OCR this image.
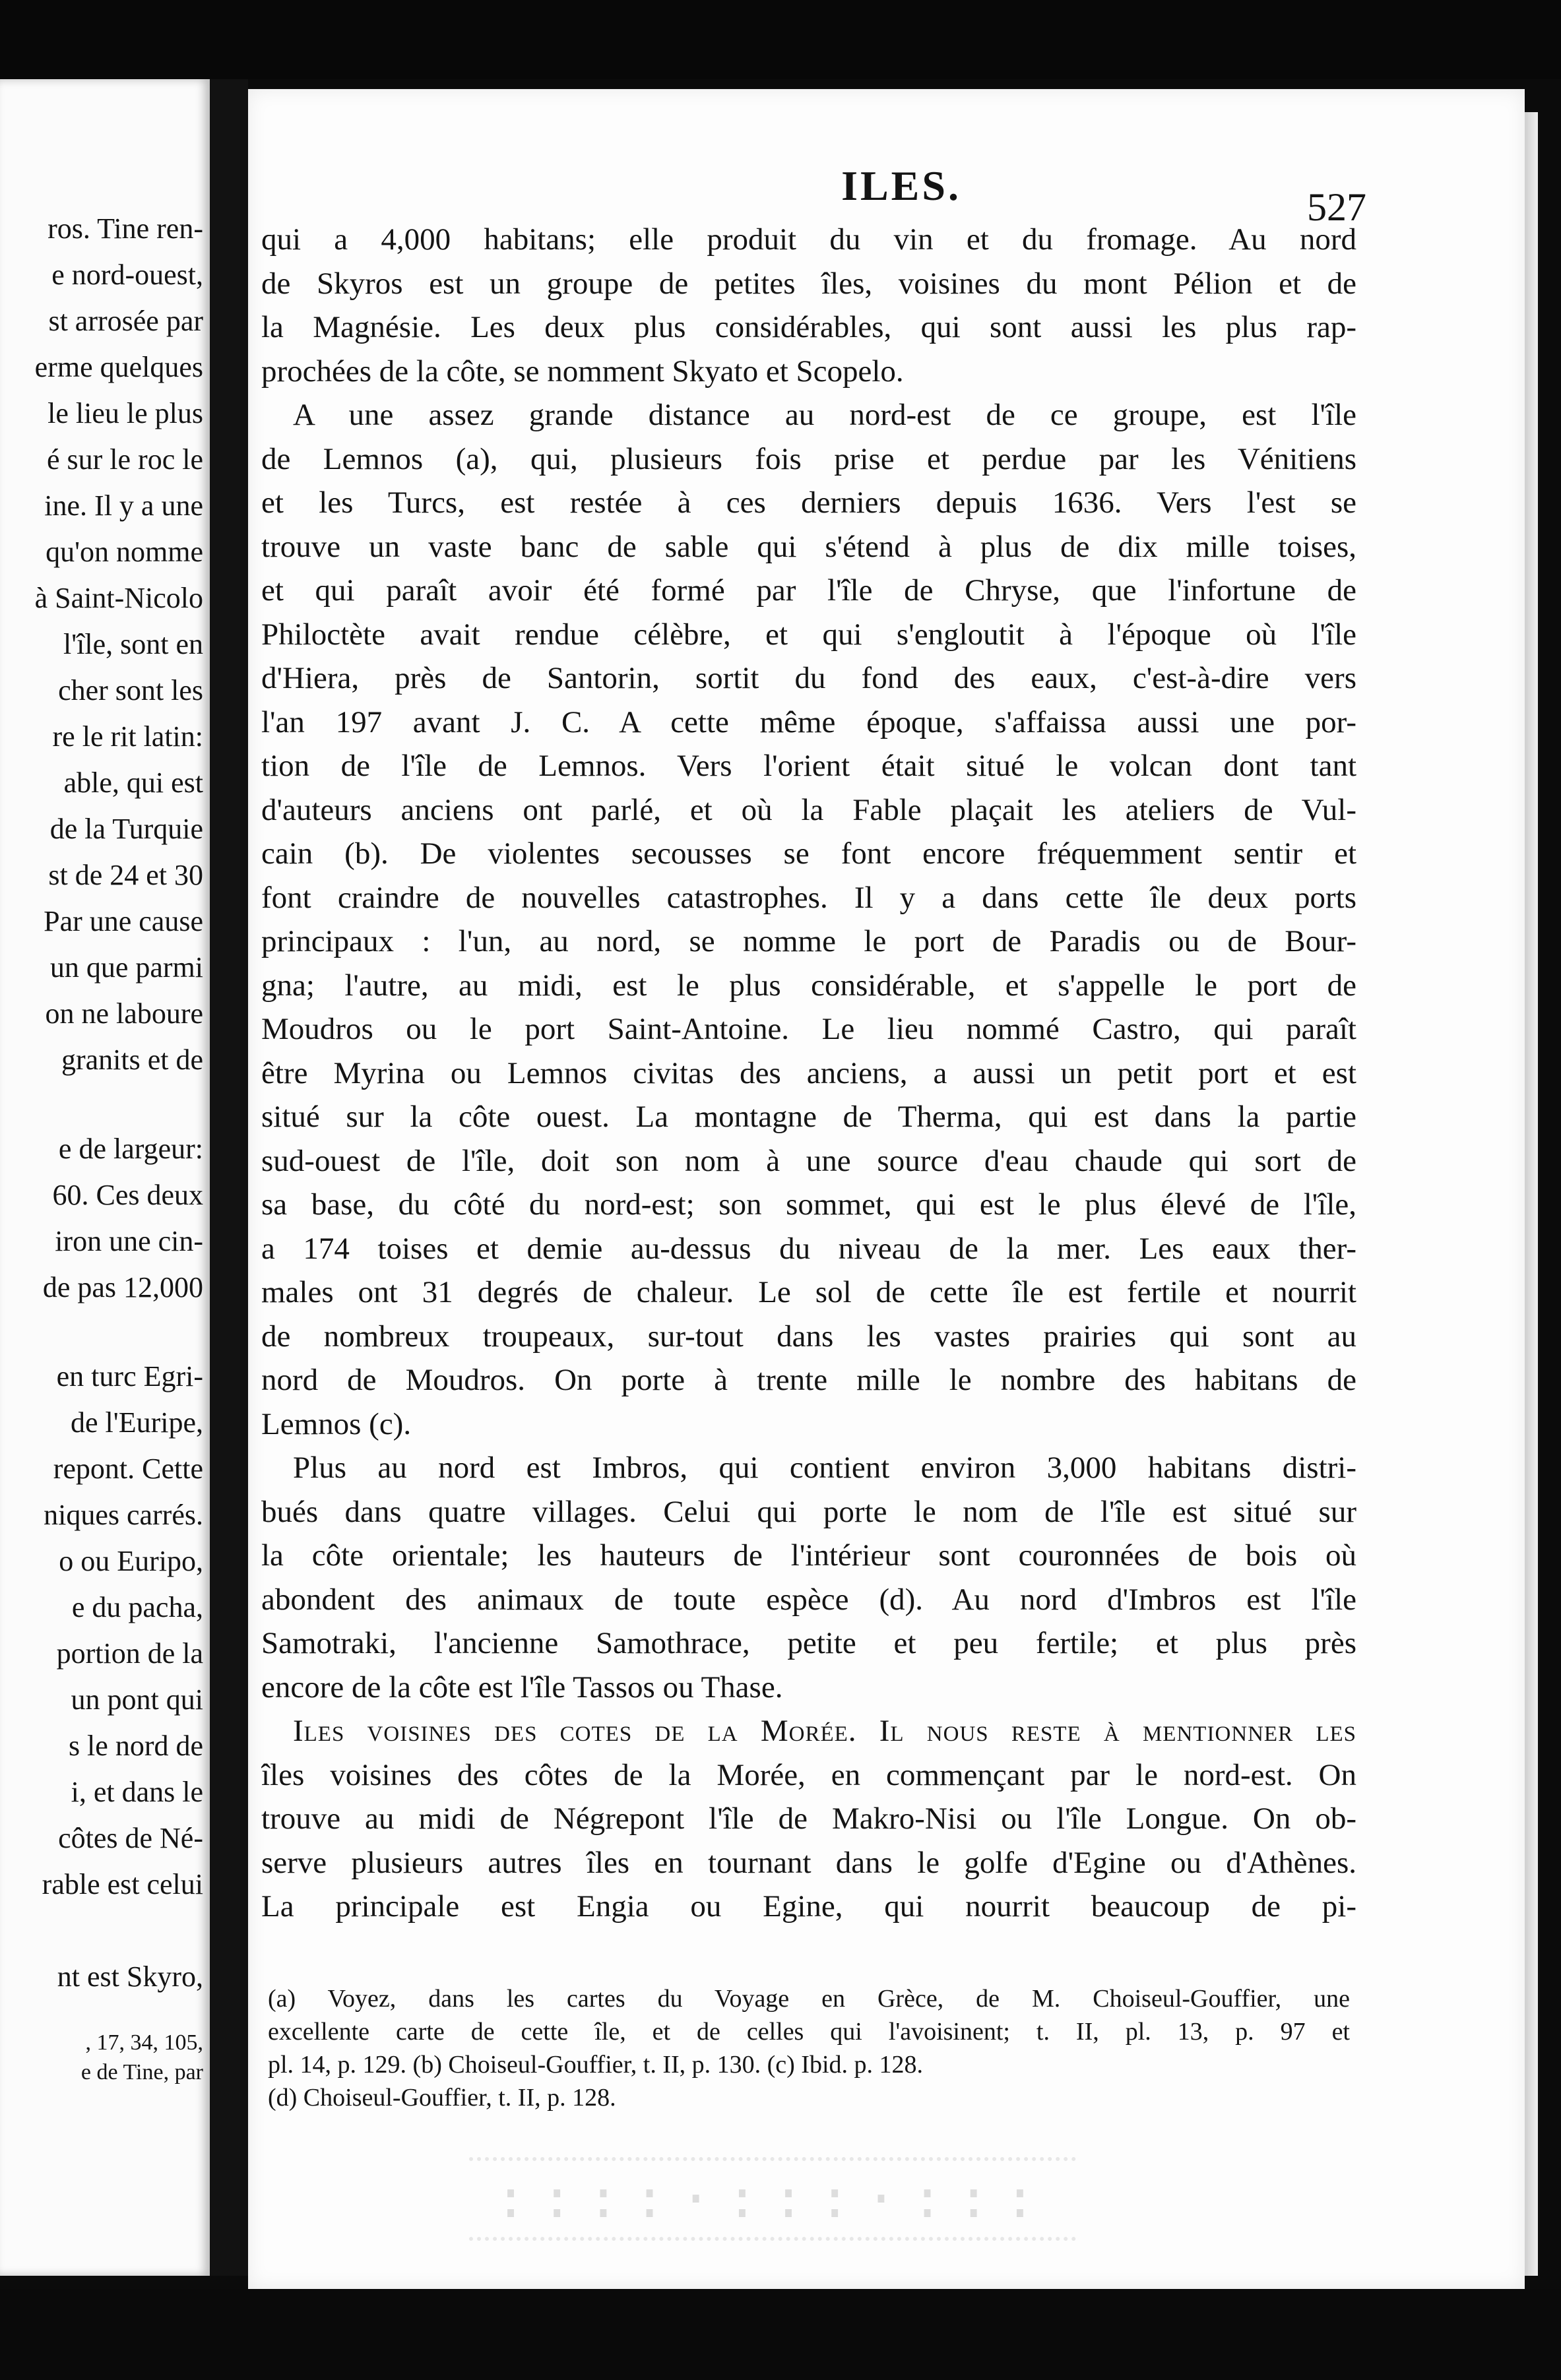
ros. Tine ren-
e nord-ouest,
st arrosée par
erme quelques
le lieu le plus
é sur le roc le
ine. Il y a une
qu'on nomme
à Saint-Nicolo
l'île, sont en
cher sont les
re le rit latin:
able, qui est
de la Turquie
st de 24 et 30
Par une cause
un que parmi
on ne laboure
granits et de
e de largeur:
60. Ces deux
iron une cin-
de pas 12,000
en turc Egri-
de l'Euripe,
repont. Cette
niques carrés.
o ou Euripo,
e du pacha,
portion de la
un pont qui
s le nord de
i, et dans le
côtes de Né-
rable est celui
nt est Skyro,
, 17, 34, 105,
e de Tine, par
ILES.	527
qui a 4,000 habitans; elle produit du vin et du fromage. Au nord
de Skyros est un groupe de petites îles, voisines du mont Pélion et de
la Magnésie. Les deux plus considérables, qui sont aussi les plus rap-
prochées de la côte, se nomment Skyato et Scopelo.
A une assez grande distance au nord-est de ce groupe, est l'île
de Lemnos (a), qui, plusieurs fois prise et perdue par les Vénitiens
et les Turcs, est restée à ces derniers depuis 1636. Vers l'est se
trouve un vaste banc de sable qui s'étend à plus de dix mille toises,
et qui paraît avoir été formé par l'île de Chryse, que l'infortune de
Philoctète avait rendue célèbre, et qui s'engloutit à l'époque où l'île
d'Hiera, près de Santorin, sortit du fond des eaux, c'est-à-dire vers
l'an 197 avant J. C. A cette même époque, s'affaissa aussi une por-
tion de l'île de Lemnos. Vers l'orient était situé le volcan dont tant
d'auteurs anciens ont parlé, et où la Fable plaçait les ateliers de Vul-
cain (b). De violentes secousses se font encore fréquemment sentir et
font craindre de nouvelles catastrophes. Il y a dans cette île deux ports
principaux : l'un, au nord, se nomme le port de Paradis ou de Bour-
gna; l'autre, au midi, est le plus considérable, et s'appelle le port de
Moudros ou le port Saint-Antoine. Le lieu nommé Castro, qui paraît
être Myrina ou Lemnos civitas des anciens, a aussi un petit port et est
situé sur la côte ouest. La montagne de Therma, qui est dans la partie
sud-ouest de l'île, doit son nom à une source d'eau chaude qui sort de
sa base, du côté du nord-est; son sommet, qui est le plus élevé de l'île,
a 174 toises et demie au-dessus du niveau de la mer. Les eaux ther-
males ont 31 degrés de chaleur. Le sol de cette île est fertile et nourrit
de nombreux troupeaux, sur-tout dans les vastes prairies qui sont au
nord de Moudros. On porte à trente mille le nombre des habitans de
Lemnos (c).
Plus au nord est Imbros, qui contient environ 3,000 habitans distri-
bués dans quatre villages. Celui qui porte le nom de l'île est situé sur
la côte orientale; les hauteurs de l'intérieur sont couronnées de bois où
abondent des animaux de toute espèce (d). Au nord d'Imbros est l'île
Samotraki, l'ancienne Samothrace, petite et peu fertile; et plus près
encore de la côte est l'île Tassos ou Thase.
Iles voisines des cotes de la Morée. Il nous reste à mentionner les
îles voisines des côtes de la Morée, en commençant par le nord-est. On
trouve au midi de Négrepont l'île de Makro-Nisi ou l'île Longue. On ob-
serve plusieurs autres îles en tournant dans le golfe d'Egine ou d'Athènes.
La principale est Engia ou Egine, qui nourrit beaucoup de pi-
(a) Voyez, dans les cartes du Voyage en Grèce, de M. Choiseul-Gouffier, une
excellente carte de cette île, et de celles qui l'avoisinent; t. II, pl. 13, p. 97 et
pl. 14, p. 129. (b) Choiseul-Gouffier, t. II, p. 130. (c) Ibid. p. 128.
(d) Choiseul-Gouffier, t. II, p. 128.
::::·:::·:::
